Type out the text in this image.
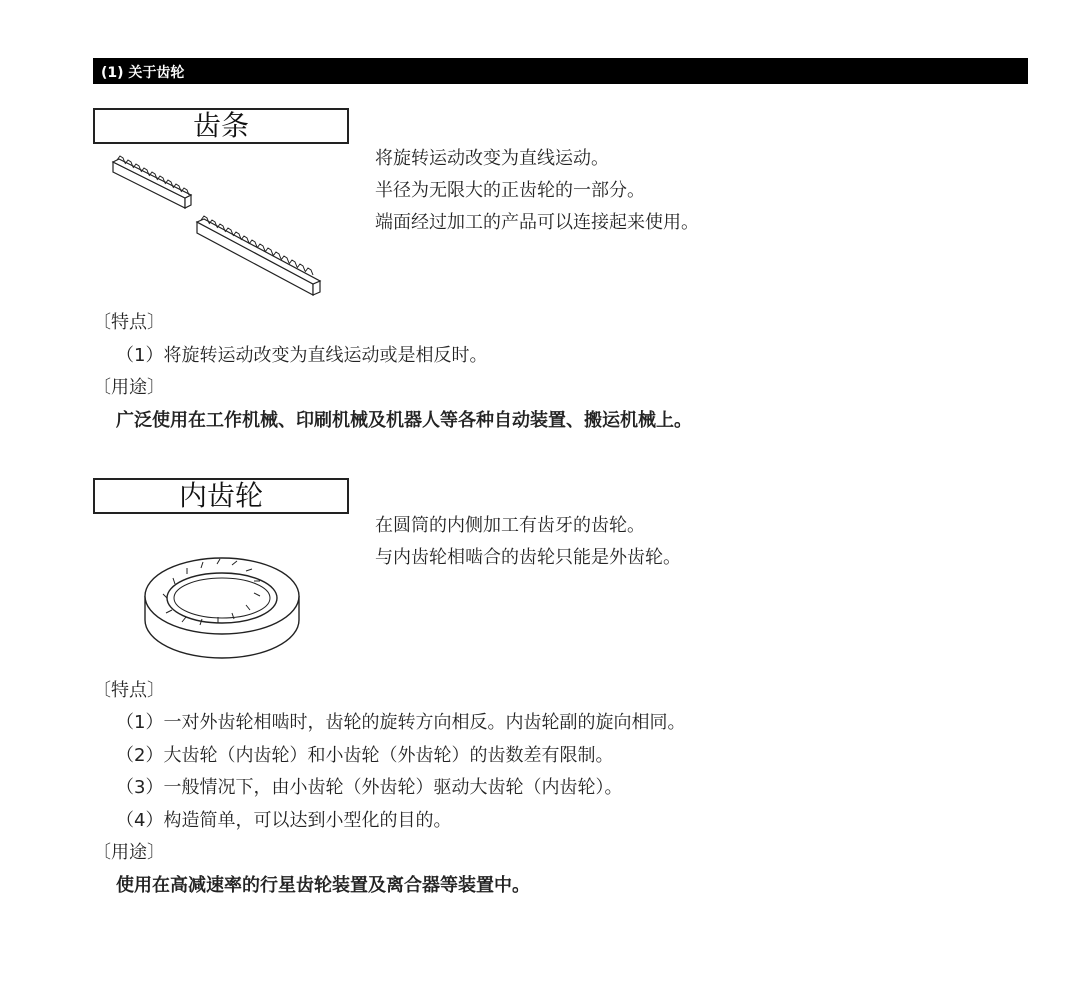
(1) 关于齿轮
齿条
将旋转运动改变为直线运动。
半径为无限大的正齿轮的一部分。
端面经过加工的产品可以连接起来使用。
〔特点〕
（1）将旋转运动改变为直线运动或是相反时。
〔用途〕
广泛使用在工作机械、印刷机械及机器人等各种自动装置、搬运机械上。
内齿轮
在圆筒的内侧加工有齿牙的齿轮。
与内齿轮相啮合的齿轮只能是外齿轮。
〔特点〕
（1）一对外齿轮相啮时，齿轮的旋转方向相反。内齿轮副的旋向相同。
（2）大齿轮（内齿轮）和小齿轮（外齿轮）的齿数差有限制。
（3）一般情况下，由小齿轮（外齿轮）驱动大齿轮（内齿轮）。
（4）构造简单，可以达到小型化的目的。
〔用途〕
使用在高减速率的行星齿轮装置及离合器等装置中。
